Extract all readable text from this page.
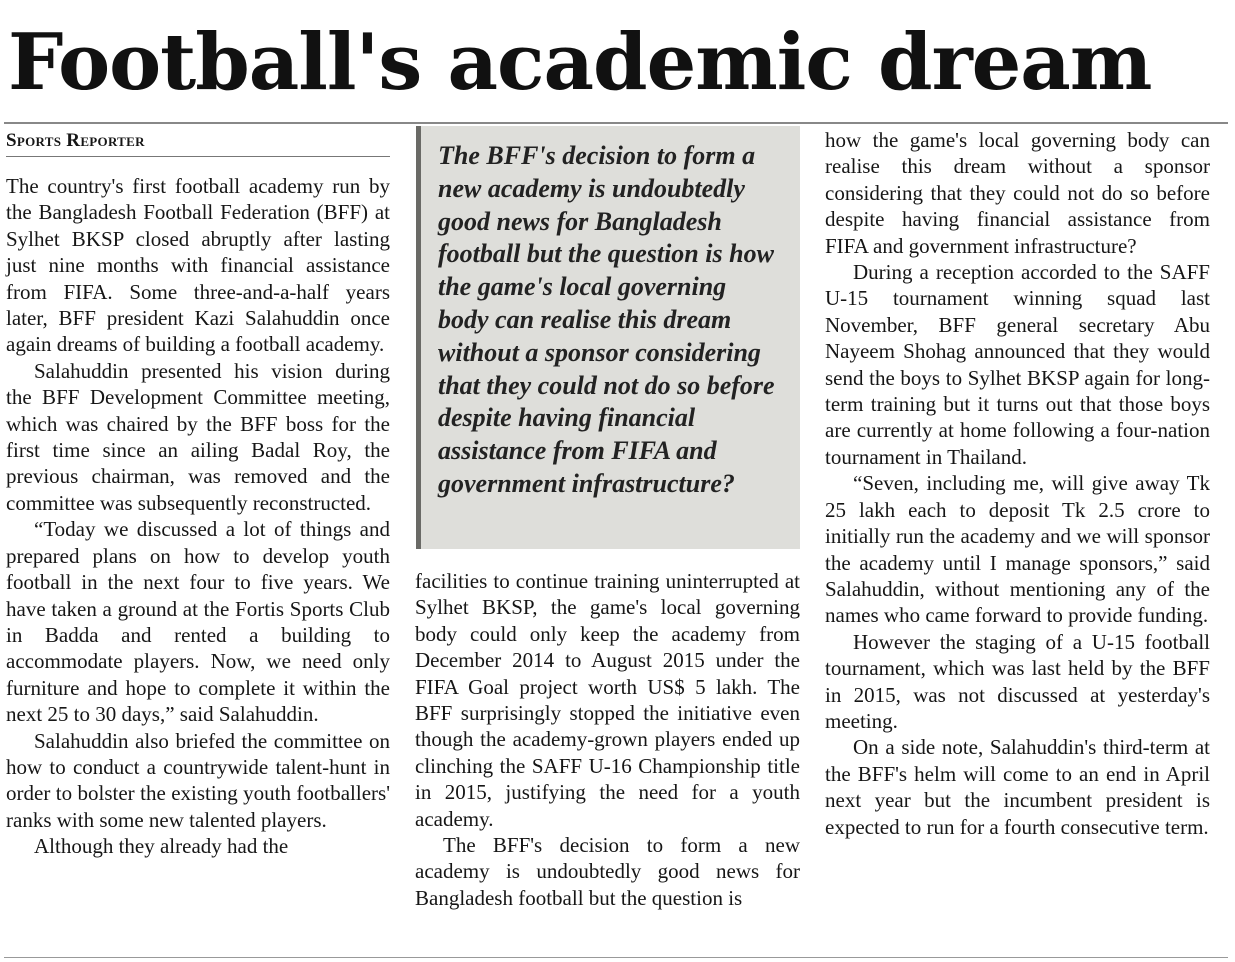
Football's academic dream
Sports Reporter

The country's first football academy run by the Bangladesh Football Federation (BFF) at Sylhet BKSP closed abruptly after lasting just nine months with financial assistance from FIFA. Some three-and-a-half years later, BFF president Kazi Salahuddin once again dreams of building a football academy.

Salahuddin presented his vision during the BFF Development Committee meeting, which was chaired by the BFF boss for the first time since an ailing Badal Roy, the previous chairman, was removed and the committee was subsequently reconstructed.

“Today we discussed a lot of things and prepared plans on how to develop youth football in the next four to five years. We have taken a ground at the Fortis Sports Club in Badda and rented a building to accommodate players. Now, we need only furniture and hope to complete it within the next 25 to 30 days,” said Salahuddin.

Salahuddin also briefed the committee on how to conduct a countrywide talent-hunt in order to bolster the existing youth footballers' ranks with some new talented players.

Although they already had the

The BFF's decision to form a new academy is undoubtedly good news for Bangladesh football but the question is how the game's local governing body can realise this dream without a sponsor considering that they could not do so before despite having financial assistance from FIFA and government infrastructure?

facilities to continue training uninterrupted at Sylhet BKSP, the game's local governing body could only keep the academy from December 2014 to August 2015 under the FIFA Goal project worth US$ 5 lakh. The BFF surprisingly stopped the initiative even though the academy-grown players ended up clinching the SAFF U-16 Championship title in 2015, justifying the need for a youth academy.

The BFF's decision to form a new academy is undoubtedly good news for Bangladesh football but the question is

how the game's local governing body can realise this dream without a sponsor considering that they could not do so before despite having financial assistance from FIFA and government infrastructure?

During a reception accorded to the SAFF U-15 tournament winning squad last November, BFF general secretary Abu Nayeem Shohag announced that they would send the boys to Sylhet BKSP again for long-term training but it turns out that those boys are currently at home following a four-nation tournament in Thailand.

“Seven, including me, will give away Tk 25 lakh each to deposit Tk 2.5 crore to initially run the academy and we will sponsor the academy until I manage sponsors,” said Salahuddin, without mentioning any of the names who came forward to provide funding.

However the staging of a U-15 football tournament, which was last held by the BFF in 2015, was not discussed at yesterday's meeting.

On a side note, Salahuddin's third-term at the BFF's helm will come to an end in April next year but the incumbent president is expected to run for a fourth consecutive term.
